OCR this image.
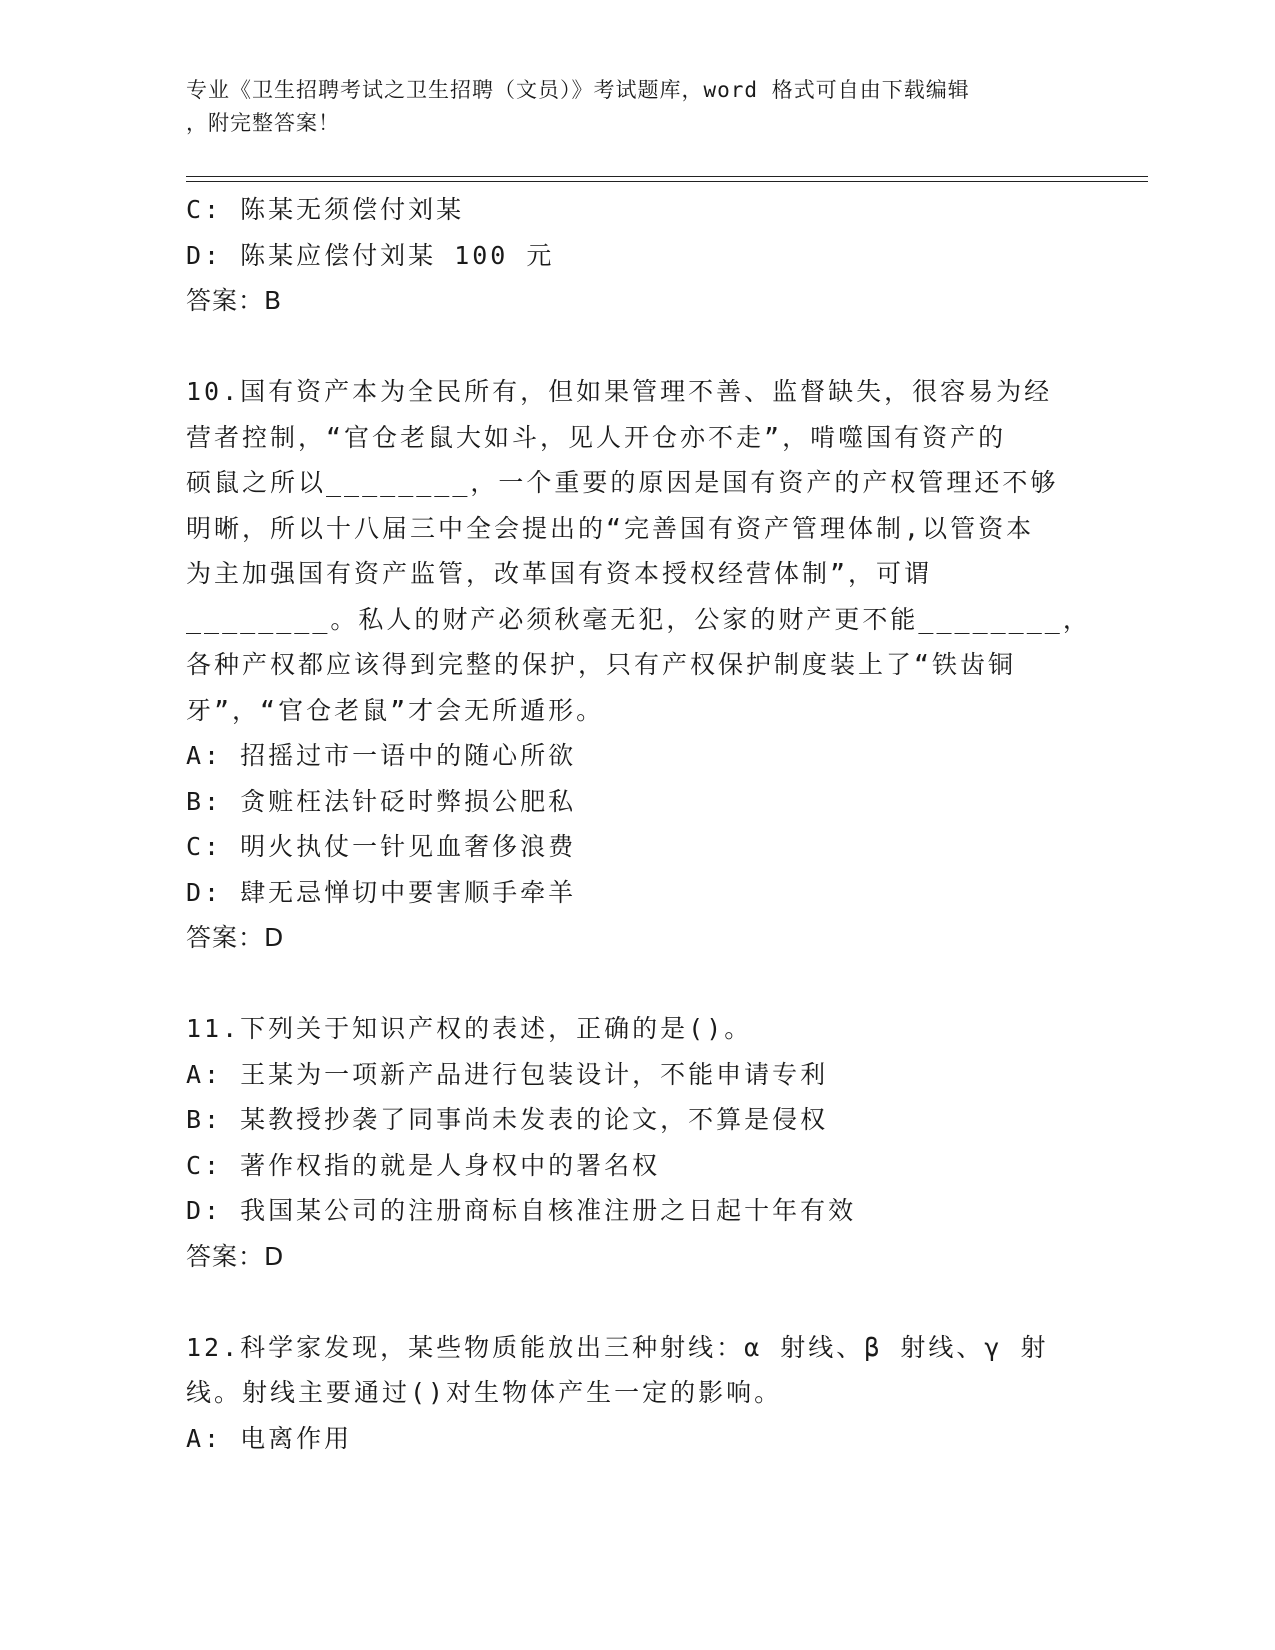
专业《卫生招聘考试之卫生招聘（文员）》考试题库，word 格式可自由下载编辑
，附完整答案！
C: 陈某无须偿付刘某
D: 陈某应偿付刘某 100 元
答案：B
10.国有资产本为全民所有，但如果管理不善、监督缺失，很容易为经
营者控制，“官仓老鼠大如斗，见人开仓亦不走”，啃噬国有资产的
硕鼠之所以________，一个重要的原因是国有资产的产权管理还不够
明晰，所以十八届三中全会提出的“完善国有资产管理体制,以管资本
为主加强国有资产监管，改革国有资本授权经营体制”，可谓
________。私人的财产必须秋毫无犯，公家的财产更不能________，
各种产权都应该得到完整的保护，只有产权保护制度装上了“铁齿铜
牙”，“官仓老鼠”才会无所遁形。
A: 招摇过市一语中的随心所欲
B: 贪赃枉法针砭时弊损公肥私
C: 明火执仗一针见血奢侈浪费
D: 肆无忌惮切中要害顺手牵羊
答案：D
11.下列关于知识产权的表述，正确的是()。
A: 王某为一项新产品进行包装设计，不能申请专利
B: 某教授抄袭了同事尚未发表的论文，不算是侵权
C: 著作权指的就是人身权中的署名权
D: 我国某公司的注册商标自核准注册之日起十年有效
答案：D
12.科学家发现，某些物质能放出三种射线：α 射线、β 射线、γ 射
线。射线主要通过()对生物体产生一定的影响。
A: 电离作用
